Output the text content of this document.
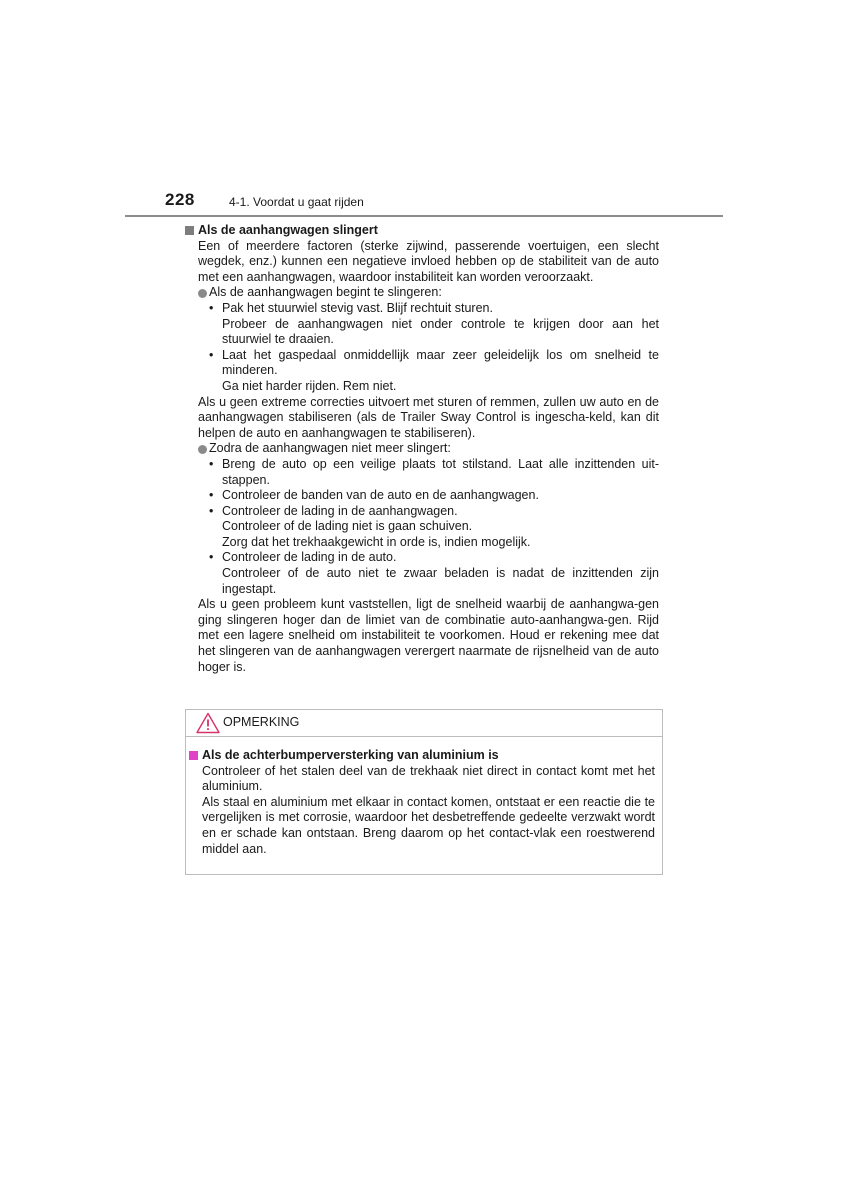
228	4-1. Voordat u gaat rijden
Als de aanhangwagen slingert
Een of meerdere factoren (sterke zijwind, passerende voertuigen, een slecht wegdek, enz.) kunnen een negatieve invloed hebben op de stabiliteit van de auto met een aanhangwagen, waardoor instabiliteit kan worden veroorzaakt.
Als de aanhangwagen begint te slingeren:
• Pak het stuurwiel stevig vast. Blijf rechtuit sturen.
Probeer de aanhangwagen niet onder controle te krijgen door aan het stuurwiel te draaien.
• Laat het gaspedaal onmiddellijk maar zeer geleidelijk los om snelheid te minderen.
Ga niet harder rijden. Rem niet.
Als u geen extreme correcties uitvoert met sturen of remmen, zullen uw auto en de aanhangwagen stabiliseren (als de Trailer Sway Control is ingescha-keld, kan dit helpen de auto en aanhangwagen te stabiliseren).
Zodra de aanhangwagen niet meer slingert:
• Breng de auto op een veilige plaats tot stilstand. Laat alle inzittenden uit-stappen.
• Controleer de banden van de auto en de aanhangwagen.
• Controleer de lading in de aanhangwagen.
Controleer of de lading niet is gaan schuiven.
Zorg dat het trekhaakgewicht in orde is, indien mogelijk.
• Controleer de lading in de auto.
Controleer of de auto niet te zwaar beladen is nadat de inzittenden zijn ingestapt.
Als u geen probleem kunt vaststellen, ligt de snelheid waarbij de aanhangwa-gen ging slingeren hoger dan de limiet van de combinatie auto-aanhangwa-gen. Rijd met een lagere snelheid om instabiliteit te voorkomen. Houd er rekening mee dat het slingeren van de aanhangwagen verergert naarmate de rijsnelheid van de auto hoger is.
OPMERKING
Als de achterbumperversterking van aluminium is
Controleer of het stalen deel van de trekhaak niet direct in contact komt met het aluminium.
Als staal en aluminium met elkaar in contact komen, ontstaat er een reactie die te vergelijken is met corrosie, waardoor het desbetreffende gedeelte verzwakt wordt en er schade kan ontstaan. Breng daarom op het contact-vlak een roestwerend middel aan.
